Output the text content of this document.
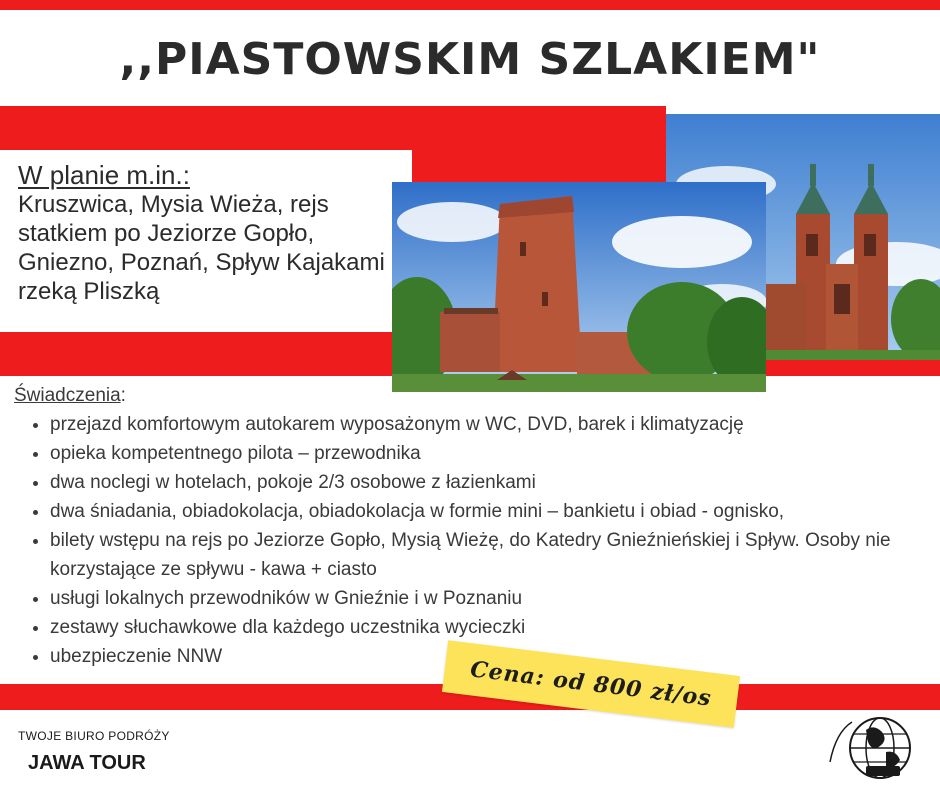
,,PIASTOWSKIM SZLAKIEM"

W planie m.in.:

Kruszwica, Mysia Wieża, rejs statkiem po Jeziorze Gopło, Gniezno, Poznań, Spływ Kajakami rzeką Pliszką

Świadczenia:

• przejazd komfortowym autokarem wyposażonym w WC, DVD, barek i klimatyzację
• opieka kompetentnego pilota – przewodnika
• dwa noclegi w hotelach, pokoje 2/3 osobowe z łazienkami
• dwa śniadania, obiadokolacja, obiadokolacja w formie mini – bankietu i obiad - ognisko,
• bilety wstępu na rejs po Jeziorze Gopło, Mysią Wieżę, do Katedry Gnieźnieńskiej i Spływ. Osoby nie korzystające ze spływu - kawa + ciasto
• usługi lokalnych przewodników w Gnieźnie i w Poznaniu
• zestawy słuchawkowe dla każdego uczestnika wycieczki
• ubezpieczenie NNW	Cena: od 800 zł/os

TWOJE BIURO PODRÓŻY

JAWA TOUR
